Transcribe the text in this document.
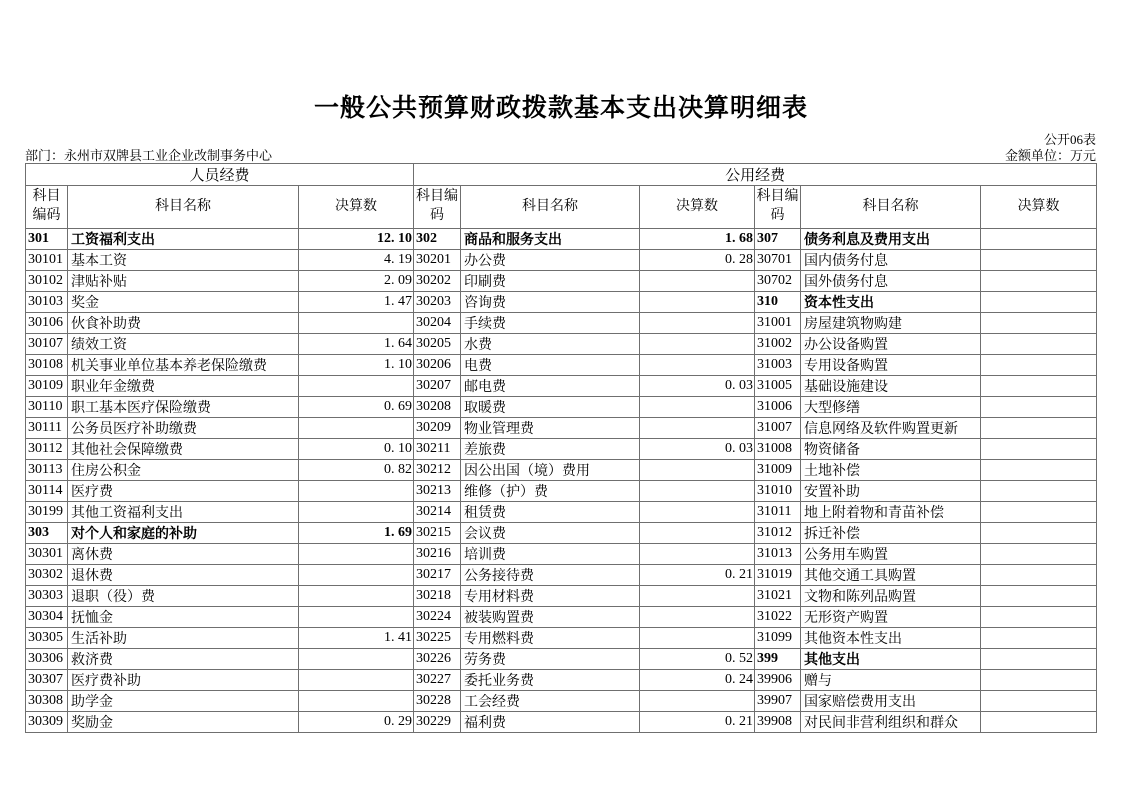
一般公共预算财政拨款基本支出决算明细表
公开06表
部门：永州市双牌县工业企业改制事务中心	金额单位：万元
人员经费			公用经费					
科目编码	科目名称	决算数	科目编码	科目名称	决算数	科目编码	科目名称	决算数
301	工资福利支出	12. 10	302	商品和服务支出	1. 68	307	债务利息及费用支出	
30101	基本工资	4. 19	30201	办公费	0. 28	30701	国内债务付息	
30102	津贴补贴	2. 09	30202	印刷费		30702	国外债务付息	
30103	奖金	1. 47	30203	咨询费		310	资本性支出	
30106	伙食补助费		30204	手续费		31001	房屋建筑物购建	
30107	绩效工资	1. 64	30205	水费		31002	办公设备购置	
30108	机关事业单位基本养老保险缴费	1. 10	30206	电费		31003	专用设备购置	
30109	职业年金缴费		30207	邮电费	0. 03	31005	基础设施建设	
30110	职工基本医疗保险缴费	0. 69	30208	取暖费		31006	大型修缮	
30111	公务员医疗补助缴费		30209	物业管理费		31007	信息网络及软件购置更新	
30112	其他社会保障缴费	0. 10	30211	差旅费	0. 03	31008	物资储备	
30113	住房公积金	0. 82	30212	因公出国（境）费用		31009	土地补偿	
30114	医疗费		30213	维修（护）费		31010	安置补助	
30199	其他工资福利支出		30214	租赁费		31011	地上附着物和青苗补偿	
303	对个人和家庭的补助	1. 69	30215	会议费		31012	拆迁补偿	
30301	离休费		30216	培训费		31013	公务用车购置	
30302	退休费		30217	公务接待费	0. 21	31019	其他交通工具购置	
30303	退职（役）费		30218	专用材料费		31021	文物和陈列品购置	
30304	抚恤金		30224	被装购置费		31022	无形资产购置	
30305	生活补助	1. 41	30225	专用燃料费		31099	其他资本性支出	
30306	救济费		30226	劳务费	0. 52	399	其他支出	
30307	医疗费补助		30227	委托业务费	0. 24	39906	赠与	
30308	助学金		30228	工会经费		39907	国家赔偿费用支出	
30309	奖励金	0. 29	30229	福利费	0. 21	39908	对民间非营利组织和群众	
